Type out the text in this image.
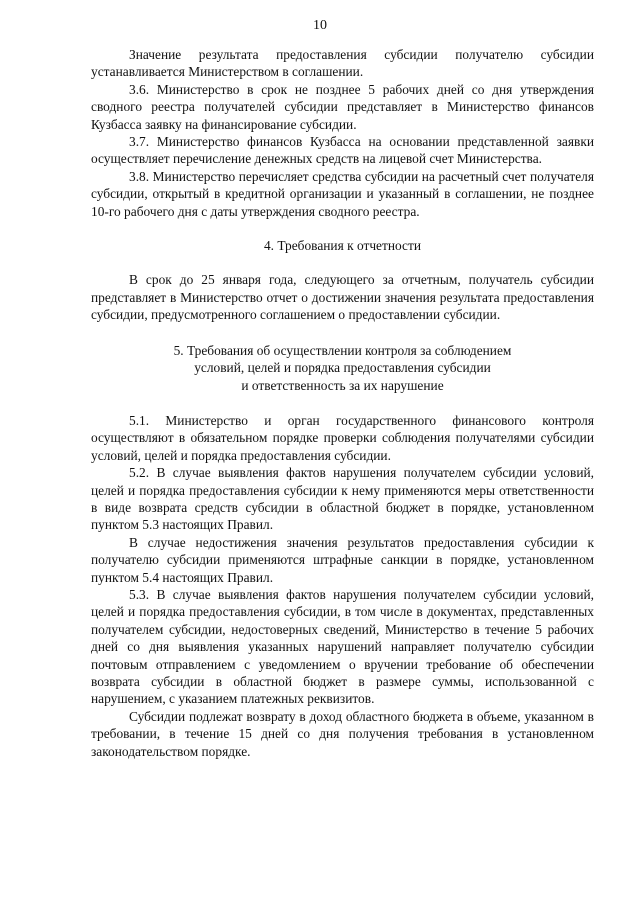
10

Значение результата предоставления субсидии получателю субсидии устанавливается Министерством в соглашении.

3.6. Министерство в срок не позднее 5 рабочих дней со дня утверждения сводного реестра получателей субсидии представляет в Министерство финансов Кузбасса заявку на финансирование субсидии.

3.7. Министерство финансов Кузбасса на основании представленной заявки осуществляет перечисление денежных средств на лицевой счет Министерства.

3.8. Министерство перечисляет средства субсидии на расчетный счет получателя субсидии, открытый в кредитной организации и указанный в соглашении, не позднее 10-го рабочего дня с даты утверждения сводного реестра.

4. Требования к отчетности

В срок до 25 января года, следующего за отчетным, получатель субсидии представляет в Министерство отчет о достижении значения результата предоставления субсидии, предусмотренного соглашением о предоставлении субсидии.

5. Требования об осуществлении контроля за соблюдением
условий, целей и порядка предоставления субсидии
и ответственность за их нарушение

5.1. Министерство и орган государственного финансового контроля осуществляют в обязательном порядке проверки соблюдения получателями субсидии условий, целей и порядка предоставления субсидии.

5.2. В случае выявления фактов нарушения получателем субсидии условий, целей и порядка предоставления субсидии к нему применяются меры ответственности в виде возврата средств субсидии в областной бюджет в порядке, установленном пунктом 5.3 настоящих Правил.

В случае недостижения значения результатов предоставления субсидии к получателю субсидии применяются штрафные санкции в порядке, установленном пунктом 5.4 настоящих Правил.

5.3. В случае выявления фактов нарушения получателем субсидии условий, целей и порядка предоставления субсидии, в том числе в документах, представленных получателем субсидии, недостоверных сведений, Министерство в течение 5 рабочих дней со дня выявления указанных нарушений направляет получателю субсидии почтовым отправлением с уведомлением о вручении требование об обеспечении возврата субсидии в областной бюджет в размере суммы, использованной с нарушением, с указанием платежных реквизитов.

Субсидии подлежат возврату в доход областного бюджета в объеме, указанном в требовании, в течение 15 дней со дня получения требования в установленном законодательством порядке.
